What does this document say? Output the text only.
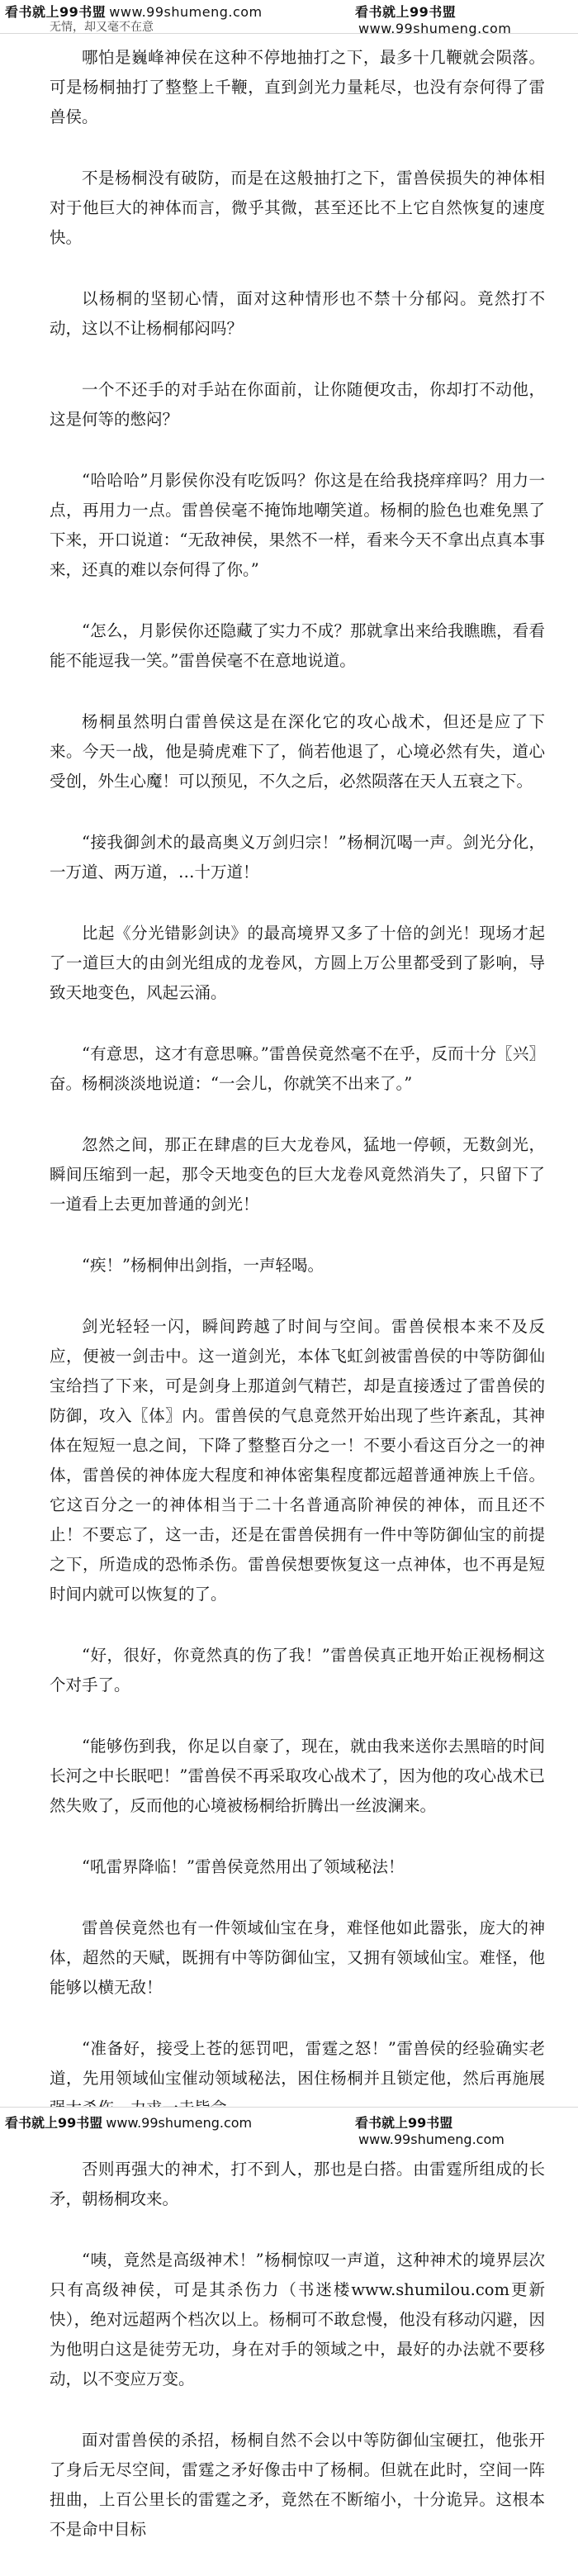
看书就上99书盟 www.99shumeng.com	看书就上99书盟www.99shumeng.com
无情，却又毫不在意

哪怕是巍峰神侯在这种不停地抽打之下，最多十几鞭就会陨落。可是杨桐抽打了整整上千鞭，直到剑光力量耗尽，也没有奈何得了雷兽侯。

不是杨桐没有破防，而是在这般抽打之下，雷兽侯损失的神体相对于他巨大的神体而言，微乎其微，甚至还比不上它自然恢复的速度快。

以杨桐的坚韧心情，面对这种情形也不禁十分郁闷。竟然打不动，这以不让杨桐郁闷吗？

一个不还手的对手站在你面前，让你随便攻击，你却打不动他，这是何等的憋闷？

“哈哈哈”月影侯你没有吃饭吗？你这是在给我挠痒痒吗？用力一点，再用力一点。雷兽侯毫不掩饰地嘲笑道。杨桐的脸色也难免黑了下来，开口说道：“无敌神侯，果然不一样，看来今天不拿出点真本事来，还真的难以奈何得了你。”

“怎么，月影侯你还隐藏了实力不成？那就拿出来给我瞧瞧，看看能不能逗我一笑。”雷兽侯毫不在意地说道。

杨桐虽然明白雷兽侯这是在深化它的攻心战术，但还是应了下来。今天一战，他是骑虎难下了，倘若他退了，心境必然有失，道心受创，外生心魔！可以预见，不久之后，必然陨落在天人五衰之下。

“接我御剑术的最高奥义万剑归宗！”杨桐沉喝一声。剑光分化，一万道、两万道，…十万道！

比起《分光错影剑诀》的最高境界又多了十倍的剑光！现场才起了一道巨大的由剑光组成的龙卷风，方圆上万公里都受到了影响，导致天地变色，风起云涌。

“有意思，这才有意思嘛。”雷兽侯竟然毫不在乎，反而十分〖兴〗奋。杨桐淡淡地说道：“一会儿，你就笑不出来了。”

忽然之间，那正在肆虐的巨大龙卷风，猛地一停顿，无数剑光，瞬间压缩到一起，那令天地变色的巨大龙卷风竟然消失了，只留下了一道看上去更加普通的剑光！

“疾！”杨桐伸出剑指，一声轻喝。

剑光轻轻一闪，瞬间跨越了时间与空间。雷兽侯根本来不及反应，便被一剑击中。这一道剑光，本体飞虹剑被雷兽侯的中等防御仙宝给挡了下来，可是剑身上那道剑气精芒，却是直接透过了雷兽侯的防御，攻入〖体〗内。雷兽侯的气息竟然开始出现了些许紊乱，其神体在短短一息之间，下降了整整百分之一！不要小看这百分之一的神体，雷兽侯的神体庞大程度和神体密集程度都远超普通神族上千倍。它这百分之一的神体相当于二十名普通高阶神侯的神体，而且还不止！不要忘了，这一击，还是在雷兽侯拥有一件中等防御仙宝的前提之下，所造成的恐怖杀伤。雷兽侯想要恢复这一点神体，也不再是短时间内就可以恢复的了。

“好，很好，你竟然真的伤了我！”雷兽侯真正地开始正视杨桐这个对手了。

“能够伤到我，你足以自豪了，现在，就由我来送你去黑暗的时间长河之中长眠吧！”雷兽侯不再采取攻心战术了，因为他的攻心战术已然失败了，反而他的心境被杨桐给折腾出一丝波澜来。

“吼雷界降临！”雷兽侯竟然用出了领域秘法！

雷兽侯竟然也有一件领域仙宝在身，难怪他如此嚣张，庞大的神体，超然的天赋，既拥有中等防御仙宝，又拥有领域仙宝。难怪，他能够以横无敌！

“准备好，接受上苍的惩罚吧，雷霆之怒！”雷兽侯的经验确实老道，先用领域仙宝催动领域秘法，困住杨桐并且锁定他，然后再施展

否则再强大的神术，打不到人，那也是白搭。由雷霆所组成的长矛，朝杨桐攻来。

“咦，竟然是高级神术！”杨桐惊叹一声道，这种神术的境界层次只有高级神侯，可是其杀伤力（书迷楼www.shumilou.com更新快），绝对远超两个档次以上。杨桐可不敢怠慢，他没有移动闪避，因为他明白这是徒劳无功，身在对手的领域之中，最好的办法就不要移动，以不变应万变。

面对雷兽侯的杀招，杨桐自然不会以中等防御仙宝硬扛，他张开了身后无尽空间，雷霆之矛好像击中了杨桐。但就在此时，空间一阵扭曲，上百公里长的雷霆之矛，竟然在不断缩小，十分诡异。这根本不是命中目标

看书就上99书盟 www.99shumeng.com	看书就上99书盟www.99shumeng.com
